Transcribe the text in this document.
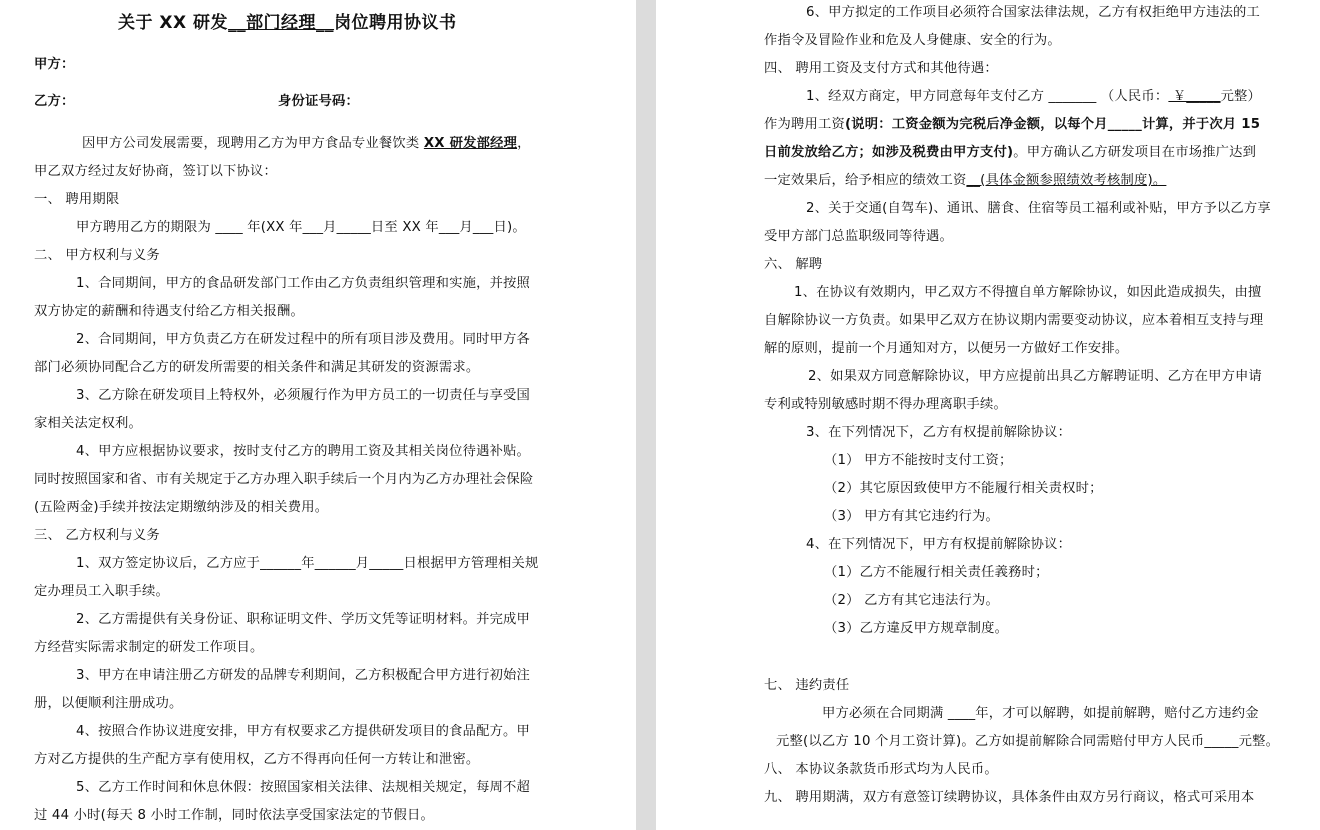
关于 XX 研发__部门经理__岗位聘用协议书
甲方：
乙方：	身份证号码：
因甲方公司发展需要，现聘用乙方为甲方食品专业餐饮类 XX 研发部经理，
甲乙双方经过友好协商，签订以下协议：
一、 聘用期限
甲方聘用乙方的期限为 ____ 年(XX 年___月_____日至 XX 年___月___日)。
二、 甲方权利与义务
1、合同期间，甲方的食品研发部门工作由乙方负责组织管理和实施，并按照
双方协定的薪酬和待遇支付给乙方相关报酬。
2、合同期间，甲方负责乙方在研发过程中的所有项目涉及费用。同时甲方各
部门必须协同配合乙方的研发所需要的相关条件和满足其研发的资源需求。
3、乙方除在研发项目上特权外，必须履行作为甲方员工的一切责任与享受国
家相关法定权利。
4、甲方应根据协议要求，按时支付乙方的聘用工资及其相关岗位待遇补贴。
同时按照国家和省、市有关规定于乙方办理入职手续后一个月内为乙方办理社会保险
(五险两金)手续并按法定期缴纳涉及的相关费用。
三、 乙方权利与义务
1、双方签定协议后，乙方应于______年______月_____日根据甲方管理相关规
定办理员工入职手续。
2、乙方需提供有关身份证、职称证明文件、学历文凭等证明材料。并完成甲
方经营实际需求制定的研发工作项目。
3、甲方在申请注册乙方研发的品牌专利期间，乙方积极配合甲方进行初始注
册，以便顺利注册成功。
4、按照合作协议进度安排，甲方有权要求乙方提供研发项目的食品配方。甲
方对乙方提供的生产配方享有使用权，乙方不得再向任何一方转让和泄密。
5、乙方工作时间和休息休假：按照国家相关法律、法规相关规定，每周不超
过 44 小时(每天 8 小时工作制，同时依法享受国家法定的节假日。
6、甲方拟定的工作项目必须符合国家法律法规，乙方有权拒绝甲方违法的工
作指令及冒险作业和危及人身健康、安全的行为。
四、 聘用工资及支付方式和其他待遇：
1、经双方商定，甲方同意每年支付乙方 _______ （人民币： ￥_____元整）
作为聘用工资(说明：工资金额为完税后净金额，以每个月_____计算，并于次月 15
日前发放给乙方；如涉及税费由甲方支付)。甲方确认乙方研发项目在市场推广达到
一定效果后，给予相应的绩效工资__(具体金额参照绩效考核制度)。
2、关于交通(自驾车)、通讯、膳食、住宿等员工福利或补贴，甲方予以乙方享
受甲方部门总监职级同等待遇。
六、 解聘
1、在协议有效期内，甲乙双方不得擅自单方解除协议，如因此造成损失，由擅
自解除协议一方负责。如果甲乙双方在协议期内需要变动协议，应本着相互支持与理
解的原则，提前一个月通知对方，以便另一方做好工作安排。
2、如果双方同意解除协议，甲方应提前出具乙方解聘证明、乙方在甲方申请
专利或特别敏感时期不得办理离职手续。
3、在下列情况下，乙方有权提前解除协议：
（1） 甲方不能按时支付工资；
（2）其它原因致使甲方不能履行相关责权时；
（3） 甲方有其它违约行为。
4、在下列情况下，甲方有权提前解除协议：
（1）乙方不能履行相关责任義務时；
（2） 乙方有其它违法行为。
（3）乙方違反甲方规章制度。
七、 违约责任
甲方必须在合同期满 ____年，才可以解聘，如提前解聘，赔付乙方违约金
元整(以乙方 10 个月工资计算)。乙方如提前解除合同需赔付甲方人民币_____元整。
八、 本协议条款货币形式均为人民币。
九、 聘用期满，双方有意签订续聘协议，具体条件由双方另行商议，格式可采用本
